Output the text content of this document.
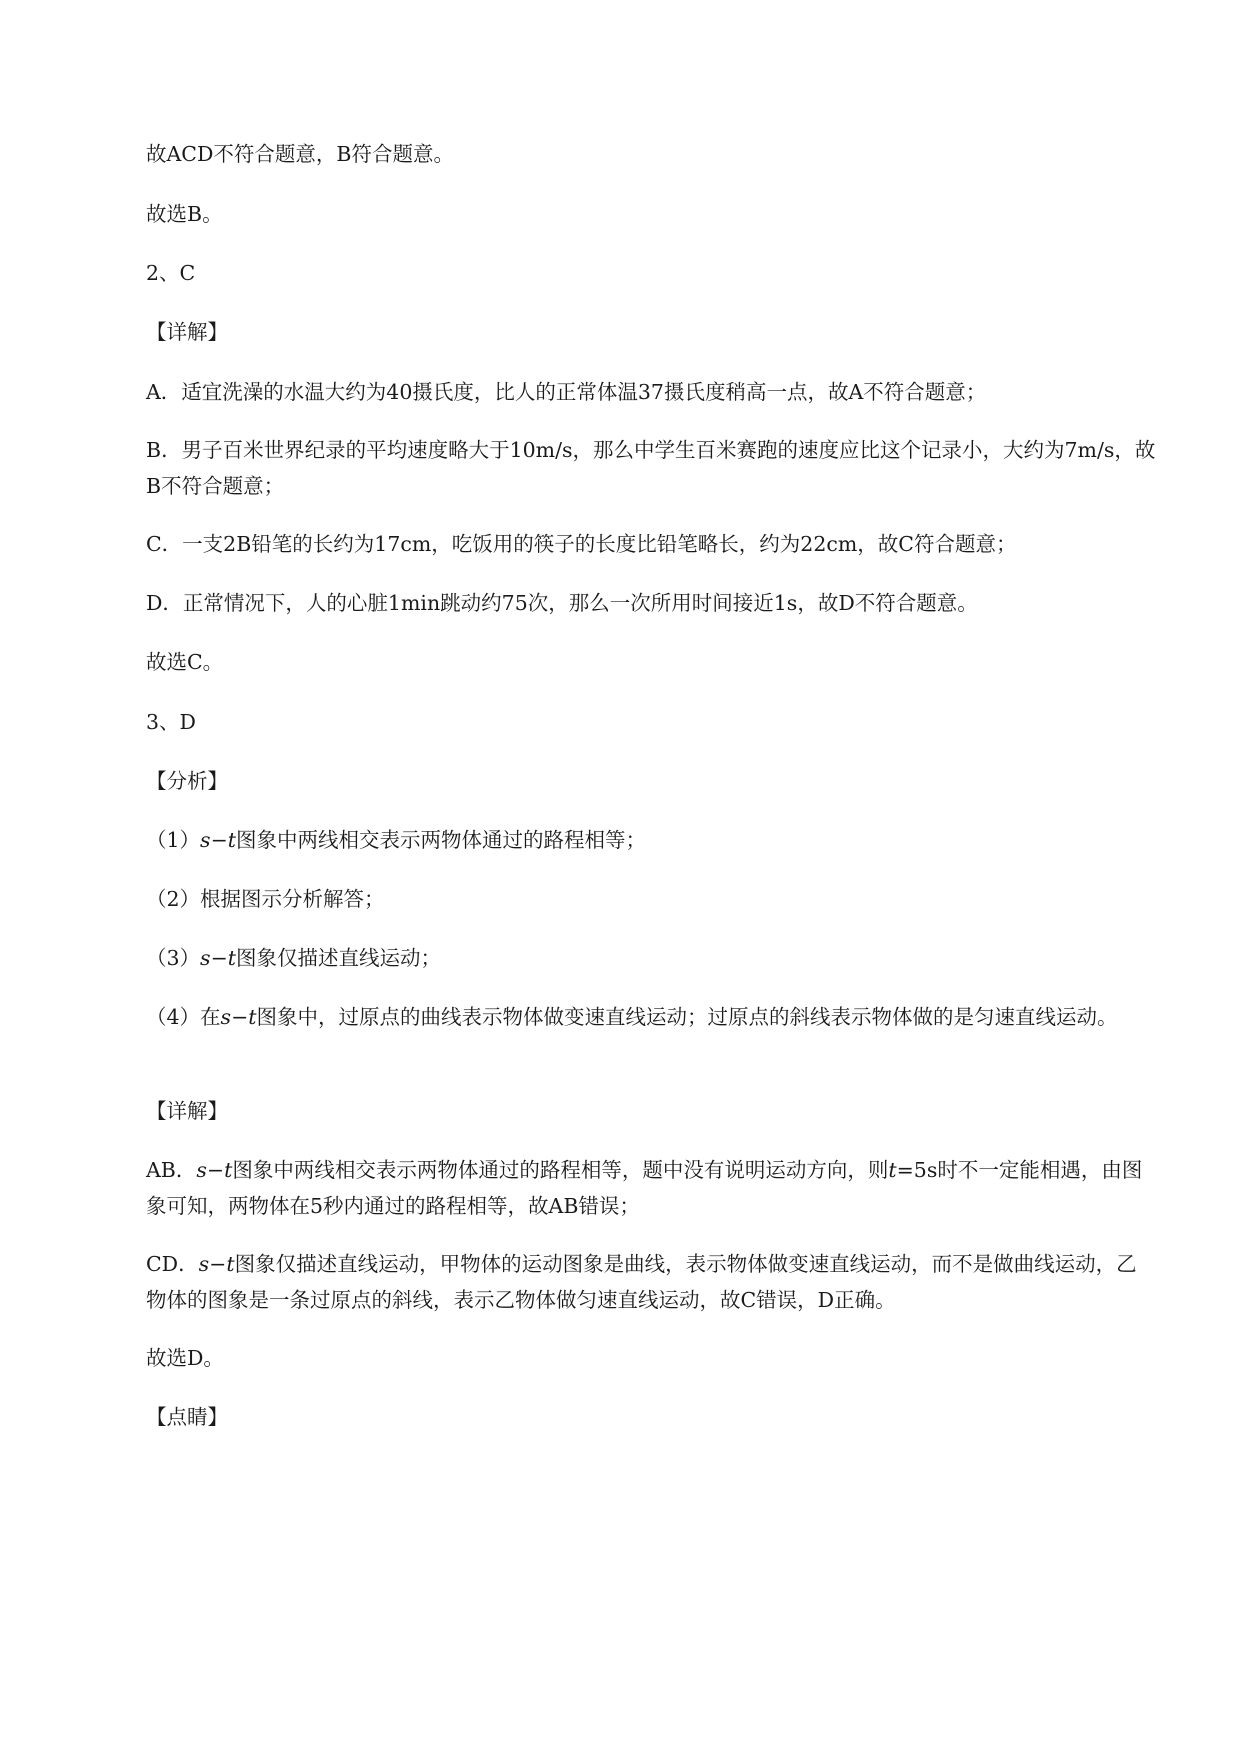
故ACD不符合题意，B符合题意。

故选B。

2、C

【详解】

A．适宜洗澡的水温大约为40摄氏度，比人的正常体温37摄氏度稍高一点，故A不符合题意；

B．男子百米世界纪录的平均速度略大于10m/s，那么中学生百米赛跑的速度应比这个记录小，大约为7m/s，故B不符合题意；

C．一支2B铅笔的长约为17cm，吃饭用的筷子的长度比铅笔略长，约为22cm，故C符合题意；

D．正常情况下，人的心脏1min跳动约75次，那么一次所用时间接近1s，故D不符合题意。

故选C。

3、D

【分析】

（1）s−t图象中两线相交表示两物体通过的路程相等；

（2）根据图示分析解答；

（3）s−t图象仅描述直线运动；

（4）在s−t图象中，过原点的曲线表示物体做变速直线运动；过原点的斜线表示物体做的是匀速直线运动。

【详解】

AB．s−t图象中两线相交表示两物体通过的路程相等，题中没有说明运动方向，则t=5s时不一定能相遇，由图象可知，两物体在5秒内通过的路程相等，故AB错误；

CD．s−t图象仅描述直线运动，甲物体的运动图象是曲线，表示物体做变速直线运动，而不是做曲线运动，乙物体的图象是一条过原点的斜线，表示乙物体做匀速直线运动，故C错误，D正确。

故选D。

【点睛】
